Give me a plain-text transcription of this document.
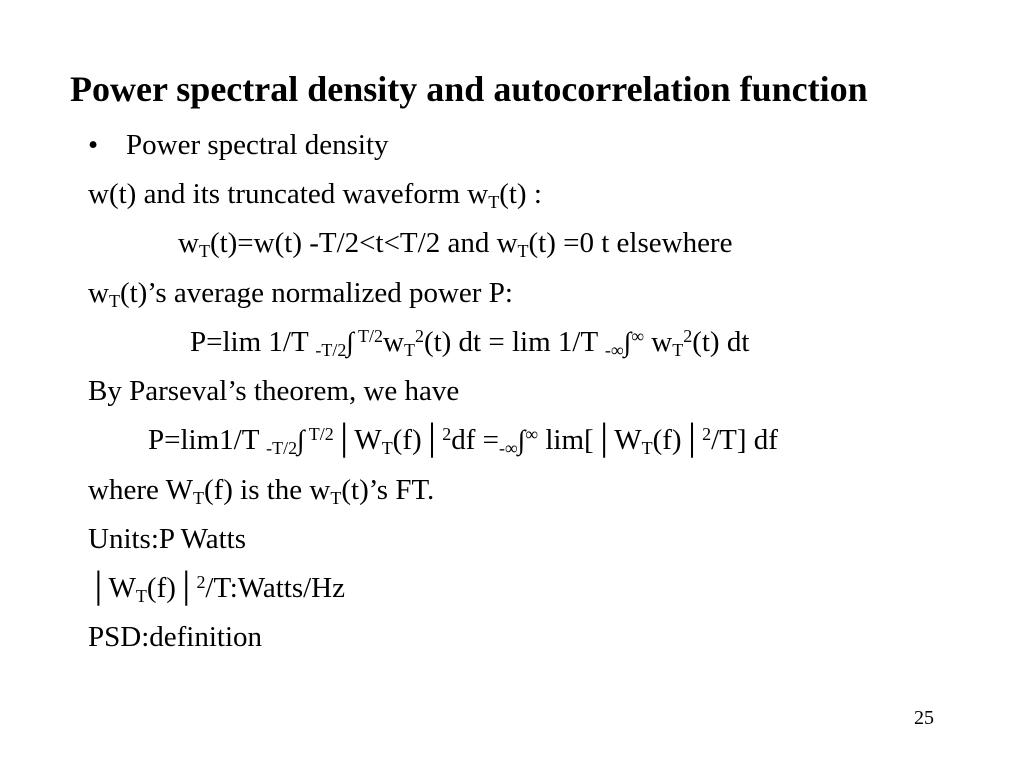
Power spectral density and autocorrelation function
• Power spectral density
w(t) and its truncated waveform $w_T(t)$ :
$w_T(t)=w(t)$ -T/2<t<T/2 and $w_T(t) =0$ t elsewhere
$w_T(t)’s$ average normalized power P:
P=lim 1/T $_{-T/2}$∫ $^{T/2}w_T^2(t)$ dt = lim 1/T $_{-\infty}$∫∞ $w_T^2(t)$ dt
By Parseval’s theorem, we have
P=lim1/T $_{-T/2}$∫ $^{T/2}│W_T(f)│^2df =_{-\infty}\int^\infty$ $\lim[│W_T(f)│^2/T]$ df
where $W_T(f)$ is the $w_T(t)’s$ FT.
Units:P Watts
$│W_T(f)│^2/T:Watts/Hz$
PSD:definition
25
